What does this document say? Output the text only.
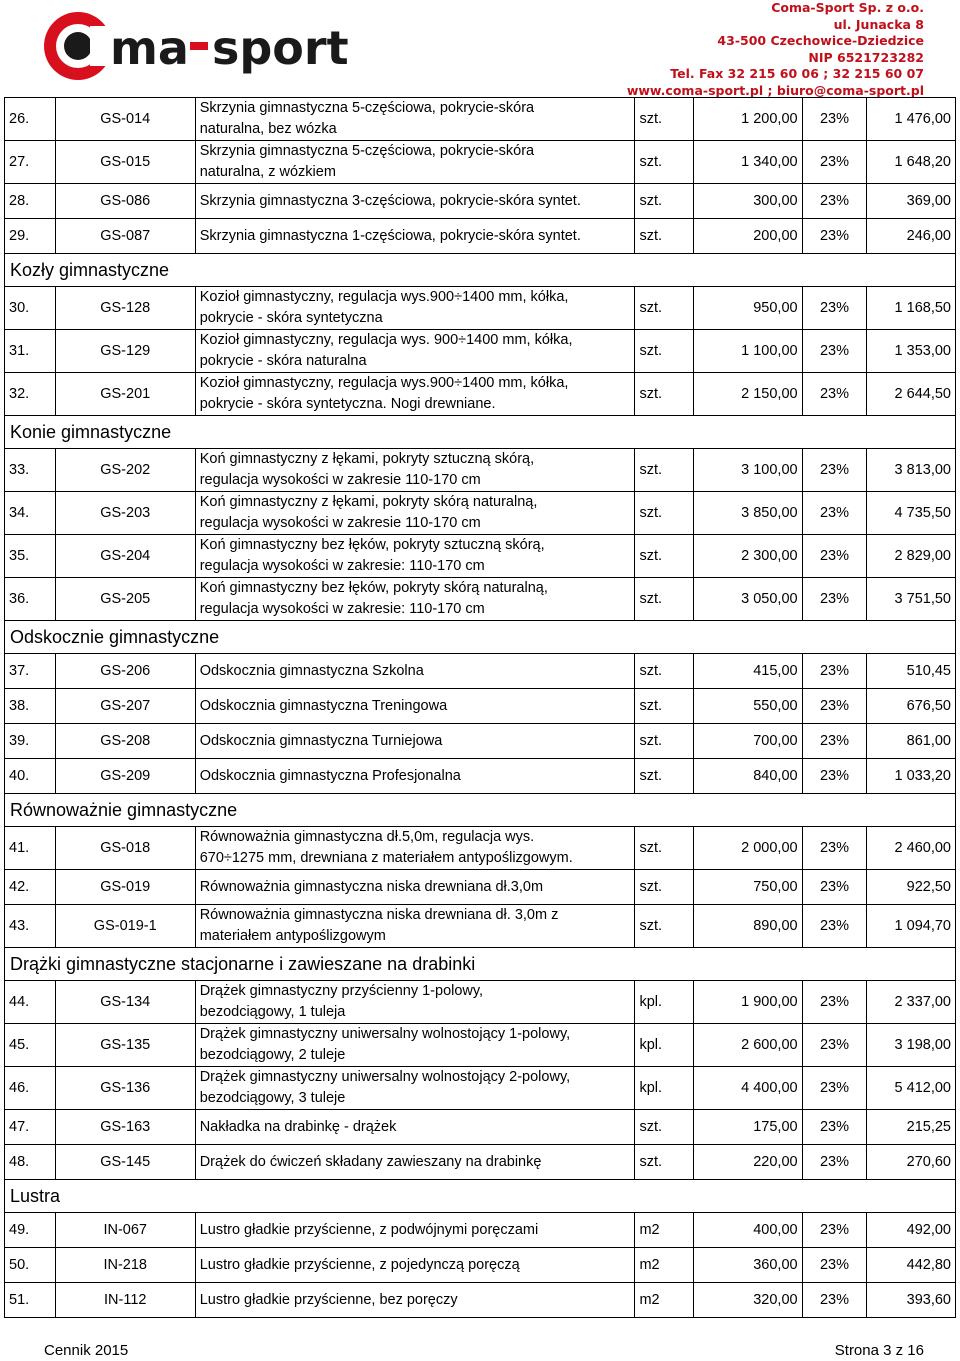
ma sport
Coma-Sport Sp. z o.o.
ul. Junacka 8
43-500 Czechowice-Dziedzice
NIP 6521723282
Tel. Fax 32 215 60 06 ; 32 215 60 07
www.coma-sport.pl ; biuro@coma-sport.pl
26.	GS-014	Skrzynia gimnastyczna 5-częściowa, pokrycie-skóra
naturalna, bez wózka	szt.	1 200,00	23%	1 476,00
27.	GS-015	Skrzynia gimnastyczna 5-częściowa, pokrycie-skóra
naturalna, z wózkiem	szt.	1 340,00	23%	1 648,20
28.	GS-086	Skrzynia gimnastyczna 3-częściowa, pokrycie-skóra syntet.	szt.	300,00	23%	369,00
29.	GS-087	Skrzynia gimnastyczna 1-częściowa, pokrycie-skóra syntet.	szt.	200,00	23%	246,00
Kozły gimnastyczne						
30.	GS-128	Kozioł gimnastyczny, regulacja wys.900÷1400 mm, kółka,
pokrycie - skóra syntetyczna	szt.	950,00	23%	1 168,50
31.	GS-129	Kozioł gimnastyczny, regulacja wys. 900÷1400 mm, kółka,
pokrycie - skóra naturalna	szt.	1 100,00	23%	1 353,00
32.	GS-201	Kozioł gimnastyczny, regulacja wys.900÷1400 mm, kółka,
pokrycie - skóra syntetyczna. Nogi drewniane.	szt.	2 150,00	23%	2 644,50
Konie gimnastyczne						
33.	GS-202	Koń gimnastyczny z łękami, pokryty sztuczną skórą,
regulacja wysokości w zakresie 110-170 cm	szt.	3 100,00	23%	3 813,00
34.	GS-203	Koń gimnastyczny z łękami, pokryty skórą naturalną,
regulacja wysokości w zakresie 110-170 cm	szt.	3 850,00	23%	4 735,50
35.	GS-204	Koń gimnastyczny bez łęków, pokryty sztuczną skórą,
regulacja wysokości w zakresie: 110-170 cm	szt.	2 300,00	23%	2 829,00
36.	GS-205	Koń gimnastyczny bez łęków, pokryty skórą naturalną,
regulacja wysokości w zakresie: 110-170 cm	szt.	3 050,00	23%	3 751,50
Odskocznie gimnastyczne						
37.	GS-206	Odskocznia gimnastyczna Szkolna	szt.	415,00	23%	510,45
38.	GS-207	Odskocznia gimnastyczna Treningowa	szt.	550,00	23%	676,50
39.	GS-208	Odskocznia gimnastyczna Turniejowa	szt.	700,00	23%	861,00
40.	GS-209	Odskocznia gimnastyczna Profesjonalna	szt.	840,00	23%	1 033,20
Równoważnie gimnastyczne						
41.	GS-018	Równoważnia gimnastyczna dł.5,0m, regulacja wys.
670÷1275 mm, drewniana z materiałem antypoślizgowym.	szt.	2 000,00	23%	2 460,00
42.	GS-019	Równoważnia gimnastyczna niska drewniana dł.3,0m	szt.	750,00	23%	922,50
43.	GS-019-1	Równoważnia gimnastyczna niska drewniana dł. 3,0m z
materiałem antypoślizgowym	szt.	890,00	23%	1 094,70
Drążki gimnastyczne stacjonarne i zawieszane na drabinki						
44.	GS-134	Drążek gimnastyczny przyścienny 1-polowy,
bezodciągowy, 1 tuleja	kpl.	1 900,00	23%	2 337,00
45.	GS-135	Drążek gimnastyczny uniwersalny wolnostojący 1-polowy,
bezodciągowy, 2 tuleje	kpl.	2 600,00	23%	3 198,00
46.	GS-136	Drążek gimnastyczny uniwersalny wolnostojący 2-polowy,
bezodciągowy, 3 tuleje	kpl.	4 400,00	23%	5 412,00
47.	GS-163	Nakładka na drabinkę - drążek	szt.	175,00	23%	215,25
48.	GS-145	Drążek do ćwiczeń składany zawieszany na drabinkę	szt.	220,00	23%	270,60
Lustra						
49.	IN-067	Lustro gładkie przyścienne, z podwójnymi poręczami	m2	400,00	23%	492,00
50.	IN-218	Lustro gładkie przyścienne, z pojedynczą poręczą	m2	360,00	23%	442,80
51.	IN-112	Lustro gładkie przyścienne, bez poręczy	m2	320,00	23%	393,60
Cennik 2015	Strona 3 z 16
